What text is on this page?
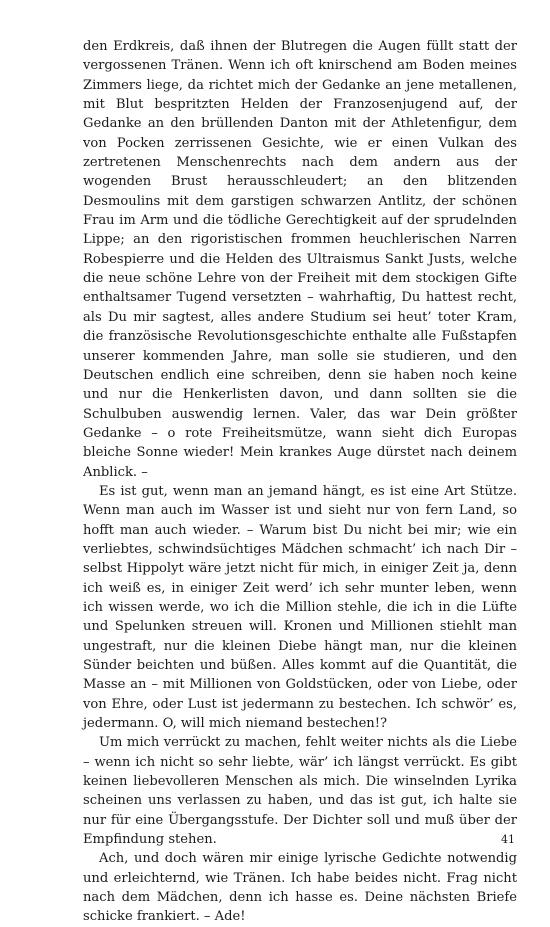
den Erdkreis, daß ihnen der Blutregen die Augen füllt statt der vergossenen Tränen. Wenn ich oft knirschend am Boden meines Zimmers liege, da richtet mich der Gedanke an jene metallenen, mit Blut bespritzten Helden der Franzosenjugend auf, der Gedanke an den brüllenden Danton mit der Athletenfigur, dem von Pocken zerrissenen Gesichte, wie er einen Vulkan des zertretenen Menschenrechts nach dem andern aus der wogenden Brust herausschleudert; an den blitzenden Desmoulins mit dem garstigen schwarzen Antlitz, der schönen Frau im Arm und die tödliche Gerechtigkeit auf der sprudelnden Lippe; an den rigoristischen frommen heuchlerischen Narren Robespierre und die Helden des Ultraismus Sankt Justs, welche die neue schöne Lehre von der Freiheit mit dem stockigen Gifte enthaltsamer Tugend versetzten – wahrhaftig, Du hattest recht, als Du mir sagtest, alles andere Studium sei heut’ toter Kram, die französische Revolutionsgeschichte enthalte alle Fußstapfen unserer kommenden Jahre, man solle sie studieren, und den Deutschen endlich eine schreiben, denn sie haben noch keine und nur die Henkerlisten davon, und dann sollten sie die Schulbuben auswendig lernen. Valer, das war Dein größter Gedanke – o rote Freiheitsmütze, wann sieht dich Europas bleiche Sonne wieder! Mein krankes Auge dürstet nach deinem Anblick. –

Es ist gut, wenn man an jemand hängt, es ist eine Art Stütze. Wenn man auch im Wasser ist und sieht nur von fern Land, so hofft man auch wieder. – Warum bist Du nicht bei mir; wie ein verliebtes, schwindsüchtiges Mädchen schmacht’ ich nach Dir – selbst Hippolyt wäre jetzt nicht für mich, in einiger Zeit ja, denn ich weiß es, in einiger Zeit werd’ ich sehr munter leben, wenn ich wissen werde, wo ich die Million stehle, die ich in die Lüfte und Spelunken streuen will. Kronen und Millionen stiehlt man ungestraft, nur die kleinen Diebe hängt man, nur die kleinen Sünder beichten und büßen. Alles kommt auf die Quantität, die Masse an – mit Millionen von Goldstücken, oder von Liebe, oder von Ehre, oder Lust ist jedermann zu bestechen. Ich schwör’ es, jedermann. O, will mich niemand bestechen!?

Um mich verrückt zu machen, fehlt weiter nichts als die Liebe – wenn ich nicht so sehr liebte, wär’ ich längst verrückt. Es gibt keinen liebevolleren Menschen als mich. Die winselnden Lyrika scheinen uns verlassen zu haben, und das ist gut, ich halte sie nur für eine Übergangsstufe. Der Dichter soll und muß über der Empfindung stehen.

Ach, und doch wären mir einige lyrische Gedichte notwendig und erleichternd, wie Tränen. Ich habe beides nicht. Frag nicht nach dem Mädchen, denn ich hasse es. Deine nächsten Briefe schicke frankiert. – Ade!

41
